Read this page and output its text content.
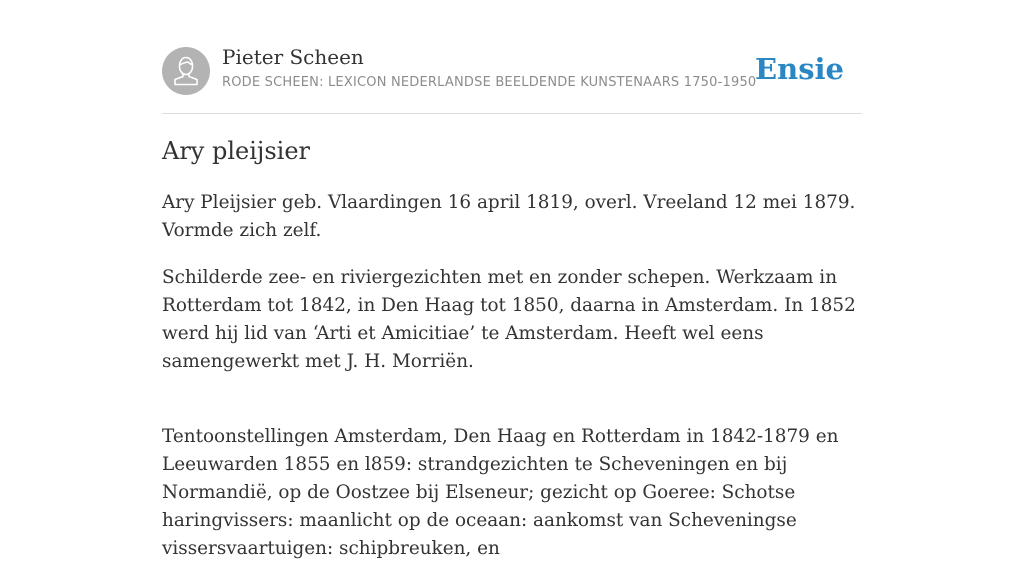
Pieter Scheen
RODE SCHEEN: LEXICON NEDERLANDSE BEELDENDE KUNSTENAARS 1750-1950
Ensie
Ary pleijsier

Ary Pleijsier geb. Vlaardingen 16 april 1819, overl. Vreeland 12 mei 1879. Vormde zich zelf.

Schilderde zee- en riviergezichten met en zonder schepen. Werkzaam in Rotterdam tot 1842, in Den Haag tot 1850, daarna in Amsterdam. In 1852 werd hij lid van ‘Arti et Amicitiae’ te Amsterdam. Heeft wel eens samengewerkt met J. H. Morriën.

Tentoonstellingen Amsterdam, Den Haag en Rotterdam in 1842-1879 en Leeuwarden 1855 en l859: strandgezichten te Scheveningen en bij Normandië, op de Oostzee bij Elseneur; gezicht op Goeree: Schotse haringvissers: maanlicht op de oceaan: aankomst van Scheveningse vissersvaartuigen: schipbreuken, en
